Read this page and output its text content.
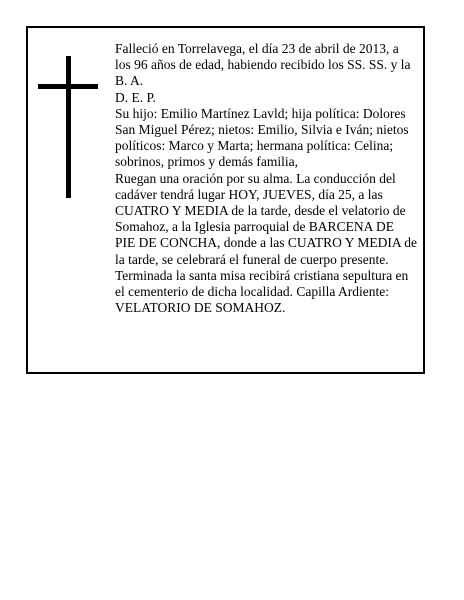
Falleció en Torrelavega, el día 23 de abril de 2013, a los 96 años de edad, habiendo recibido los SS. SS. y la B. A.

D. E. P.

Su hijo: Emilio Martínez Lavld; hija política: Dolores San Miguel Pérez; nietos: Emilio, Silvia e Iván; nietos políticos: Marco y Marta; hermana política: Celina; sobrinos, primos y demás familia,

Ruegan una oración por su alma. La conducción del cadáver tendrá lugar HOY, JUEVES, día 25, a las CUATRO Y MEDIA de la tarde, desde el velatorio de Somahoz, a la Iglesia parroquial de BARCENA DE PIE DE CONCHA, donde a las CUATRO Y MEDIA de la tarde, se celebrará el funeral de cuerpo presente.

Terminada la santa misa recibirá cristiana sepultura en el cementerio de dicha localidad. Capilla Ardiente: VELATORIO DE SOMAHOZ.
